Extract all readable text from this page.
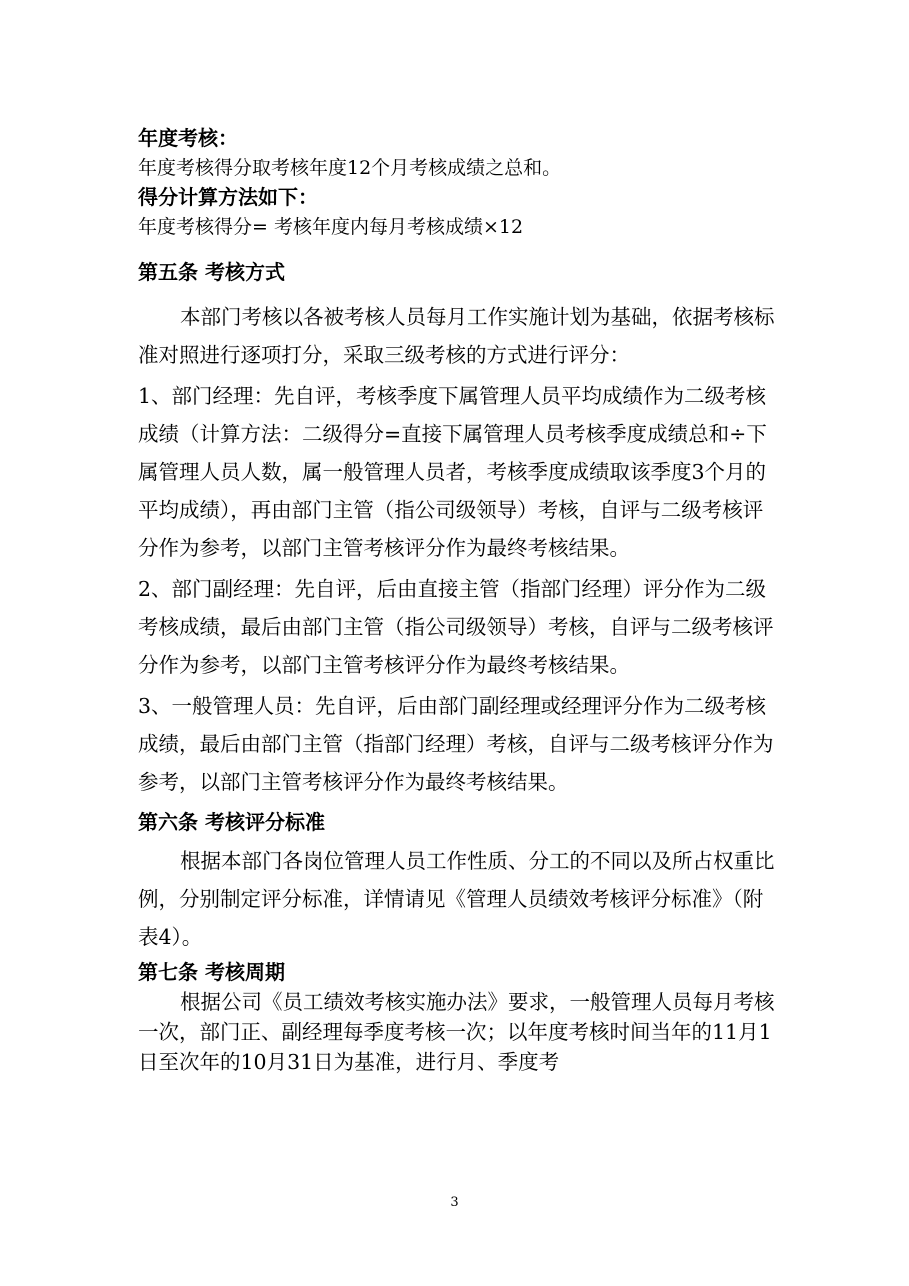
年度考核：
年度考核得分取考核年度12个月考核成绩之总和。
得分计算方法如下：
年度考核得分= 考核年度内每月考核成绩×12
第五条 考核方式
本部门考核以各被考核人员每月工作实施计划为基础，依据考核标准对照进行逐项打分，采取三级考核的方式进行评分：
1、部门经理：先自评，考核季度下属管理人员平均成绩作为二级考核成绩（计算方法：二级得分=直接下属管理人员考核季度成绩总和÷下属管理人员人数，属一般管理人员者，考核季度成绩取该季度3个月的平均成绩），再由部门主管（指公司级领导）考核，自评与二级考核评分作为参考，以部门主管考核评分作为最终考核结果。
2、部门副经理：先自评，后由直接主管（指部门经理）评分作为二级考核成绩，最后由部门主管（指公司级领导）考核，自评与二级考核评分作为参考，以部门主管考核评分作为最终考核结果。
3、一般管理人员：先自评，后由部门副经理或经理评分作为二级考核成绩，最后由部门主管（指部门经理）考核，自评与二级考核评分作为参考，以部门主管考核评分作为最终考核结果。
第六条 考核评分标准
根据本部门各岗位管理人员工作性质、分工的不同以及所占权重比例，分别制定评分标准，详情请见《管理人员绩效考核评分标准》（附表4）。
第七条 考核周期
根据公司《员工绩效考核实施办法》要求，一般管理人员每月考核一次，部门正、副经理每季度考核一次；以年度考核时间当年的11月1日至次年的10月31日为基准，进行月、季度考
3
